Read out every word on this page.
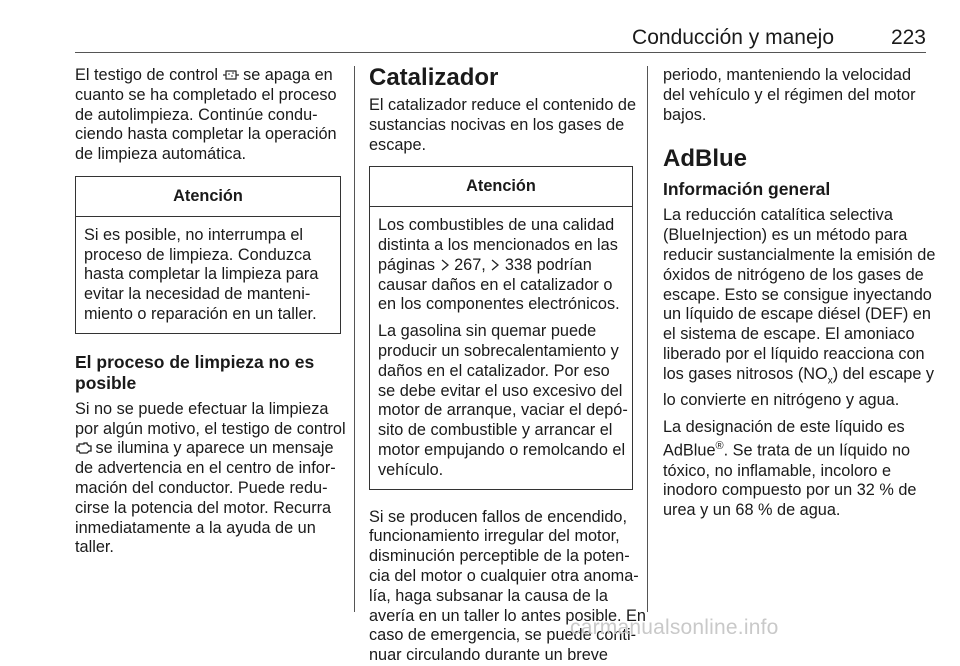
Conducción y manejo	223
El testigo de control se apaga en
cuanto se ha completado el proceso
de autolimpieza. Continúe condu-
ciendo hasta completar la operación
de limpieza automática.
Atención
Si es posible, no interrumpa el
proceso de limpieza. Conduzca
hasta completar la limpieza para
evitar la necesidad de manteni-
miento o reparación en un taller.
El proceso de limpieza no es
posible
Si no se puede efectuar la limpieza
por algún motivo, el testigo de control
se ilumina y aparece un mensaje
de advertencia en el centro de infor-
mación del conductor. Puede redu-
cirse la potencia del motor. Recurra
inmediatamente a la ayuda de un
taller.
Catalizador
El catalizador reduce el contenido de
sustancias nocivas en los gases de
escape.
Atención
Los combustibles de una calidad
distinta a los mencionados en las
páginas 267, 338 podrían
causar daños en el catalizador o
en los componentes electrónicos.
La gasolina sin quemar puede
producir un sobrecalentamiento y
daños en el catalizador. Por eso
se debe evitar el uso excesivo del
motor de arranque, vaciar el depó-
sito de combustible y arrancar el
motor empujando o remolcando el
vehículo.
Si se producen fallos de encendido,
funcionamiento irregular del motor,
disminución perceptible de la poten-
cia del motor o cualquier otra anoma-
lía, haga subsanar la causa de la
avería en un taller lo antes posible. En
caso de emergencia, se puede conti-
nuar circulando durante un breve
periodo, manteniendo la velocidad
del vehículo y el régimen del motor
bajos.
AdBlue
Información general
La reducción catalítica selectiva
(BlueInjection) es un método para
reducir sustancialmente la emisión de
óxidos de nitrógeno de los gases de
escape. Esto se consigue inyectando
un líquido de escape diésel (DEF) en
el sistema de escape. El amoniaco
liberado por el líquido reacciona con
los gases nitrosos $(NO_x)$ del escape y
lo convierte en nitrógeno y agua.
La designación de este líquido es
AdBlue®. Se trata de un líquido no
tóxico, no inflamable, incoloro e
inodoro compuesto por un 32 % de
urea y un 68 % de agua.
carmanualsonline.info
